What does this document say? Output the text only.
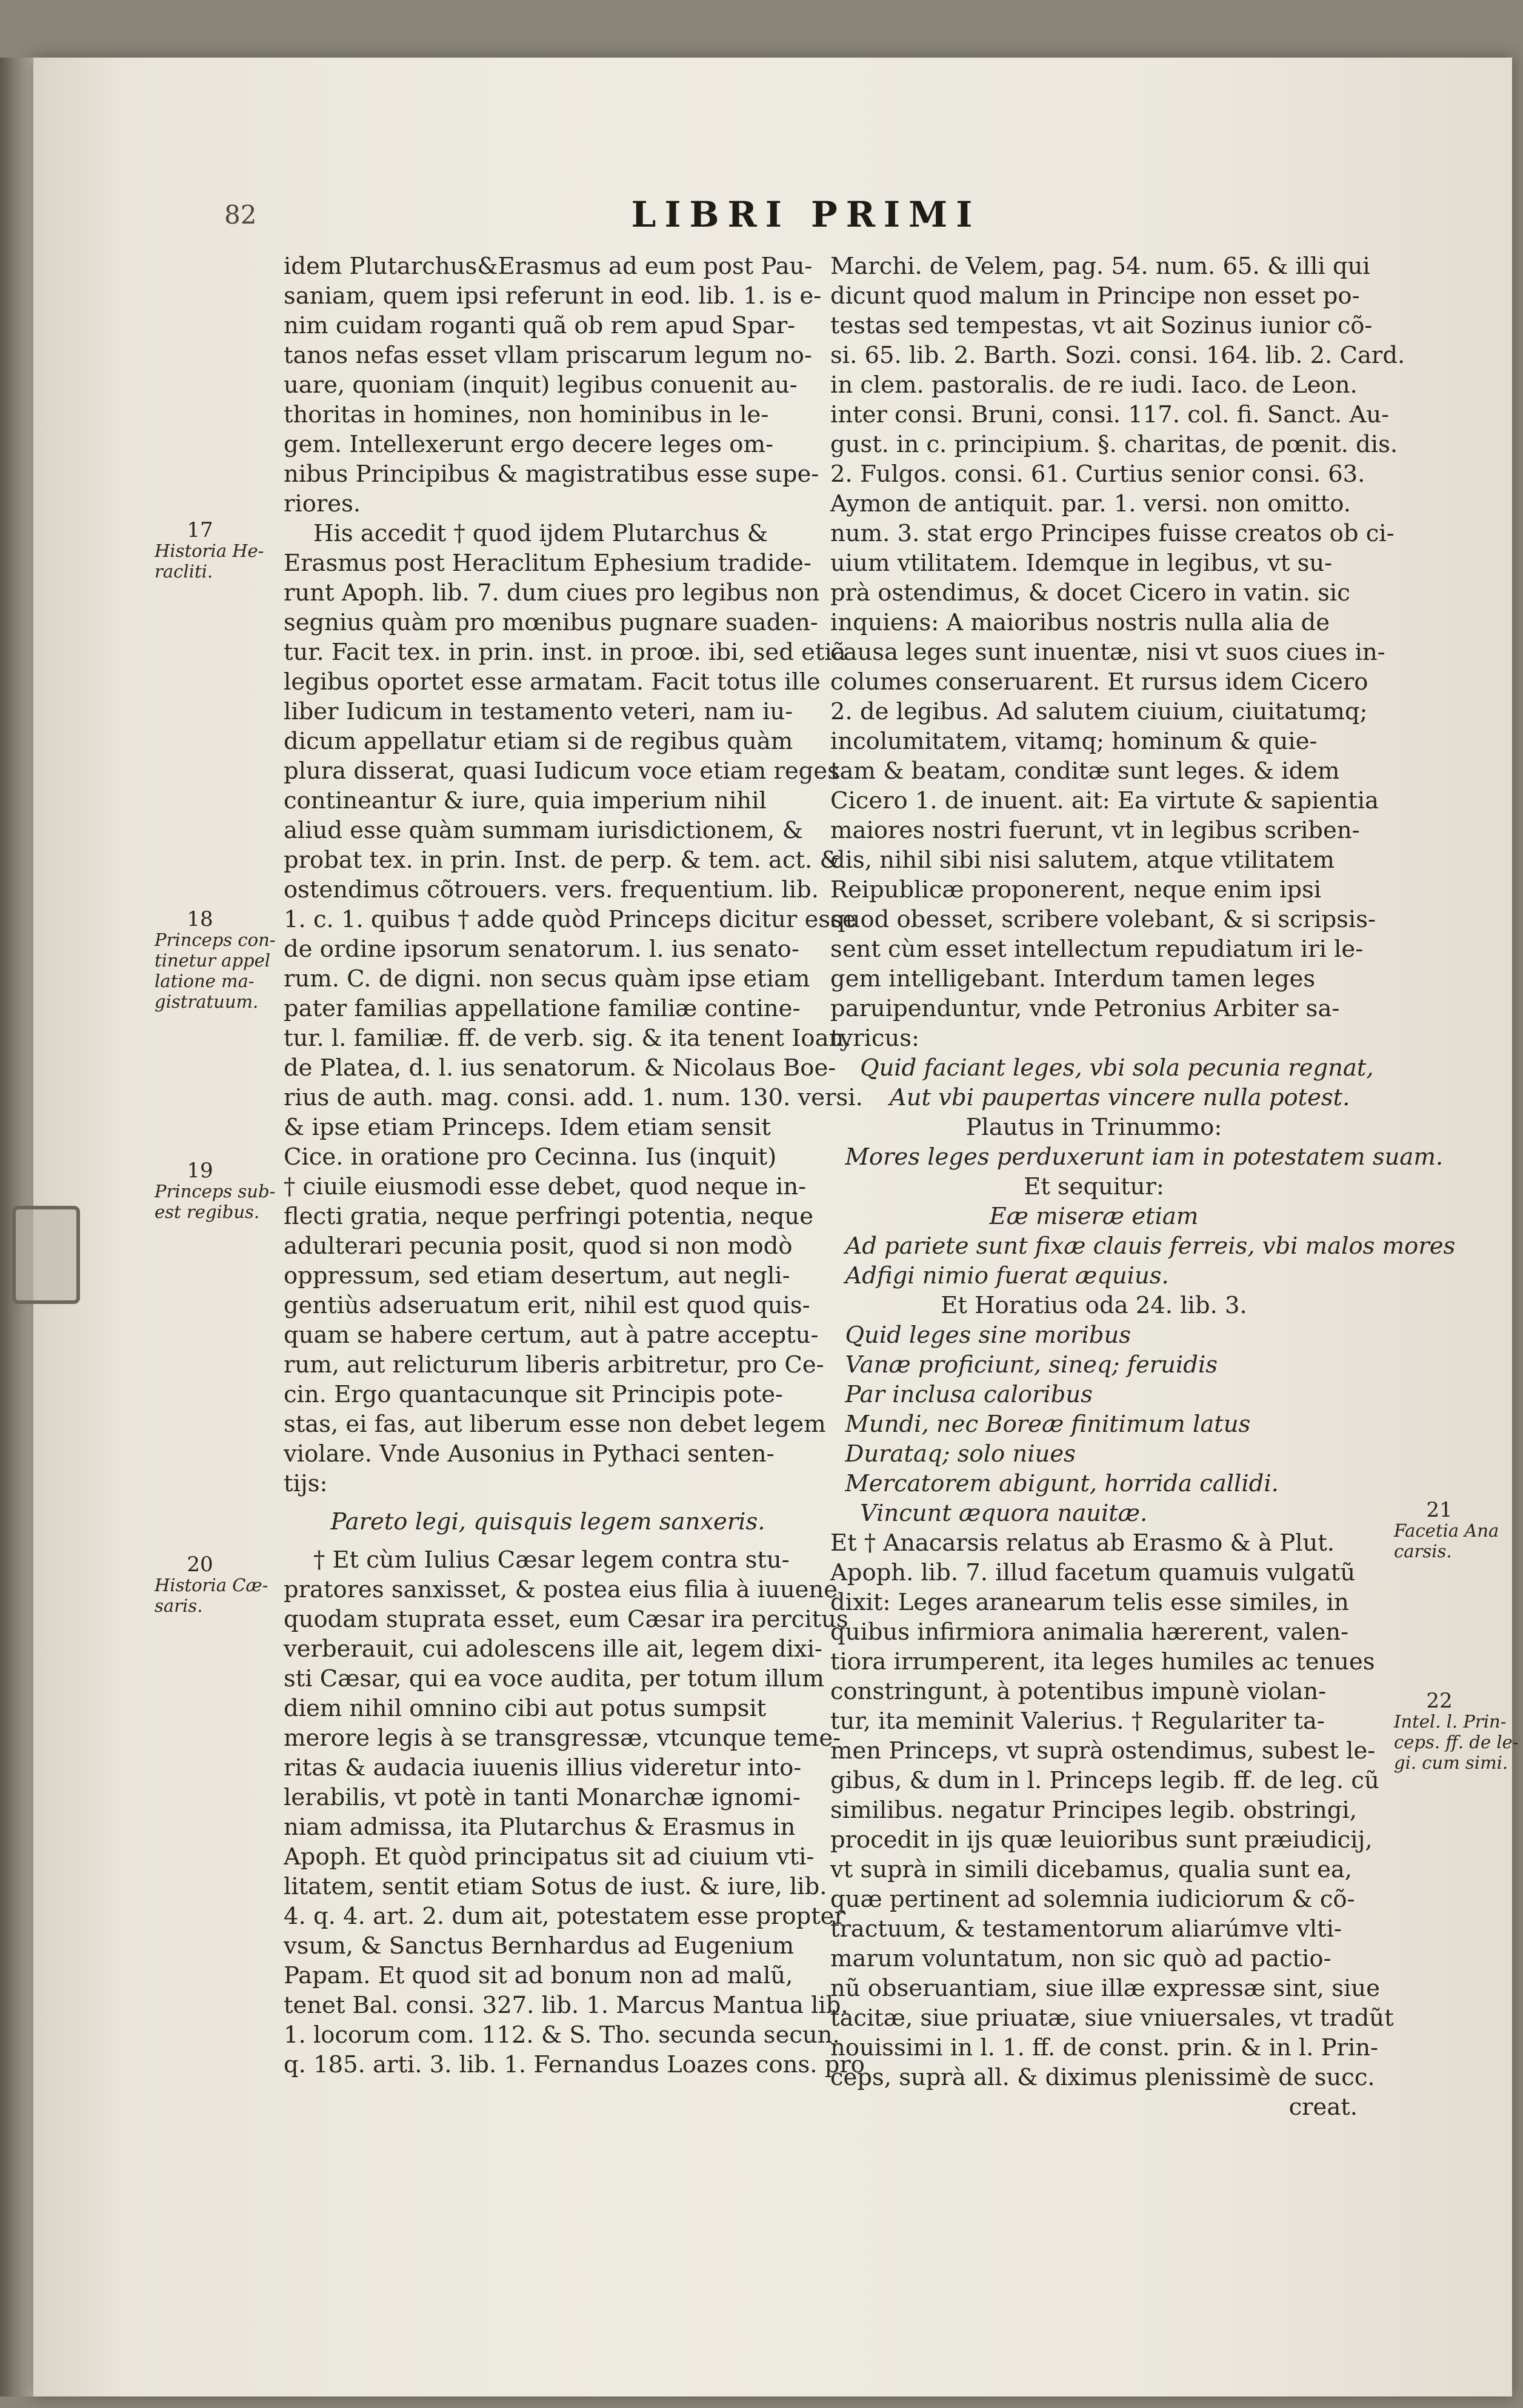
82	LIBRI PRIMI

idem Plutarchus&Erasmus ad eum post Pau-

saniam, quem ipsi referunt in eod. lib. 1. is e-

nim cuidam roganti quã ob rem apud Spar-

tanos nefas esset vllam priscarum legum no-

uare, quoniam (inquit) legibus conuenit au-

thoritas in homines, non hominibus in le-

gem. Intellexerunt ergo decere leges om-

nibus Principibus & magistratibus esse supe-

riores.

His accedit † quod ijdem Plutarchus &

Erasmus post Heraclitum Ephesium tradide-

runt Apoph. lib. 7. dum ciues pro legibus non

segnius quàm pro mœnibus pugnare suaden-

tur. Facit tex. in prin. inst. in proœ. ibi, sed etiã

legibus oportet esse armatam. Facit totus ille

liber Iudicum in testamento veteri, nam iu-

dicum appellatur etiam si de regibus quàm

plura disserat, quasi Iudicum voce etiam reges

contineantur & iure, quia imperium nihil

aliud esse quàm summam iurisdictionem, &

probat tex. in prin. Inst. de perp. & tem. act. &

ostendimus cõtrouers. vers. frequentium. lib.

1. c. 1. quibus † adde quòd Princeps dicitur esse

de ordine ipsorum senatorum. l. ius senato-

rum. C. de digni. non secus quàm ipse etiam

pater familias appellatione familiæ continе-

tur. l. familiæ. ff. de verb. sig. & ita tenent Ioan.

de Platea, d. l. ius senatorum. & Nicolaus Boe-

rius de auth. mag. consi. add. 1. num. 130. versi.

& ipse etiam Princeps. Idem etiam sensit

Cice. in oratione pro Cecinna. Ius (inquit)

† ciuile eiusmodi esse debet, quod neque in-

flecti gratia, neque perfringi potentia, neque

adulterari pecunia posit, quod si non modò

oppressum, sed etiam desertum, aut negli-

gentiùs adseruatum erit, nihil est quod quis-

quam se habere certum, aut à patre acceptu-

rum, aut relicturum liberis arbitretur, pro Ce-

cin. Ergo quantacunque sit Principis pote-

stas, ei fas, aut liberum esse non debet legem

violare. Vnde Ausonius in Pythaci senten-

tijs:

Pareto legi, quisquis legem sanxeris.

† Et cùm Iulius Cæsar legem contra stu-

pratores sanxisset, & postea eius filia à iuuene

quodam stuprata esset, eum Cæsar ira percitus

verberauit, cui adolescens ille ait, legem dixi-

sti Cæsar, qui ea voce audita, per totum illum

diem nihil omnino cibi aut potus sumpsit

merore legis à se transgressæ, vtcunque teme-

ritas & audacia iuuenis illius videretur into-

lerabilis, vt potè in tanti Monarchæ ignomi-

niam admissa, ita Plutarchus & Erasmus in

Apoph. Et quòd principatus sit ad ciuium vti-

litatem, sentit etiam Sotus de iust. & iure, lib.

4. q. 4. art. 2. dum ait, potestatem esse propter

vsum, & Sanctus Bernhardus ad Eugenium

Papam. Et quod sit ad bonum non ad malũ,

tenet Bal. consi. 327. lib. 1. Marcus Mantua lib.

1. locorum com. 112. & S. Tho. secunda secun.

q. 185. arti. 3. lib. 1. Fernandus Loazes cons. pro

Marchi. de Velem, pag. 54. num. 65. & illi qui

dicunt quod malum in Principe non esset po-

testas sed tempestas, vt ait Sozinus iunior cõ-

si. 65. lib. 2. Barth. Sozi. consi. 164. lib. 2. Card.

in clem. pastoralis. de re iudi. Iaco. de Leon.

inter consi. Bruni, consi. 117. col. fi. Sanct. Au-

gust. in c. principium. §. charitas, de pœnit. dis.

2. Fulgos. consi. 61. Curtius senior consi. 63.

Aymon de antiquit. par. 1. versi. non omitto.

num. 3. stat ergo Principes fuisse creatos ob ci-

uium vtilitatem. Idemque in legibus, vt su-

prà ostendimus, & docet Cicero in vatin. sic

inquiens: A maioribus nostris nulla alia de

causa leges sunt inuentæ, nisi vt suos ciues in-

columes conseruarent. Et rursus idem Cicero

2. de legibus. Ad salutem ciuium, ciuitatumq;

incolumitatem, vitamq; hominum & quie-

tam & beatam, conditæ sunt leges. & idem

Cicero 1. de inuent. ait: Ea virtute & sapientia

maiores nostri fuerunt, vt in legibus scriben-

dis, nihil sibi nisi salutem, atque vtilitatem

Reipublicæ proponerent, neque enim ipsi

quod obesset, scribere volebant, & si scripsis-

sent cùm esset intellectum repudiatum iri le-

gem intelligebant. Interdum tamen leges

paruipenduntur, vnde Petronius Arbiter sa-

tyricus:

Quid faciant leges, vbi sola pecunia regnat,

Aut vbi paupertas vincere nulla potest.

Plautus in Trinummo:

Mores leges perduxerunt iam in potestatem suam.

Et sequitur:

Eæ miseræ etiam

Ad pariete sunt fixæ clauis ferreis, vbi malos mores

Adfigi nimio fuerat æquius.

Et Horatius oda 24. lib. 3.

Quid leges sine moribus

Vanæ proficiunt, sineq; feruidis

Par inclusa caloribus

Mundi, nec Boreæ finitimum latus

Durataq; solo niues

Mercatorem abigunt, horrida callidi.

Vincunt æquora nauitæ.

Et † Anacarsis relatus ab Erasmo & à Plut.

Apoph. lib. 7. illud facetum quamuis vulgatũ

dixit: Leges aranearum telis esse similes, in

quibus infirmiora animalia hærerent, valen-

tiora irrumperent, ita leges humiles ac tenues

constringunt, à potentibus impunè violan-

tur, ita meminit Valerius. † Regulariter ta-

men Princeps, vt suprà ostendimus, subest le-

gibus, & dum in l. Princeps legib. ff. de leg. cũ

similibus. negatur Principes legib. obstringi,

procedit in ijs quæ leuioribus sunt præiudicij,

vt suprà in simili dicebamus, qualia sunt ea,

quæ pertinent ad solemnia iudiciorum & cõ-

tractuum, & testamentorum aliarúmve vlti-

marum voluntatum, non sic quò ad pactio-

nũ obseruantiam, siue illæ expressæ sint, siue

tacitæ, siue priuatæ, siue vniuersales, vt tradũt

nouissimi in l. 1. ff. de const. prin. & in l. Prin-

ceps, suprà all. & diximus plenissimè de succ.

creat.

17

Historia He-

racliti.

18

Princeps con-

tinetur appel

latione ma-

gistratuum.

19

Princeps sub-

est regibus.

20

Historia Cæ-

saris.

21

Facetia Ana

carsis.

22

Intel. l. Prin-

ceps. ff. de le-

gi. cum simi.
